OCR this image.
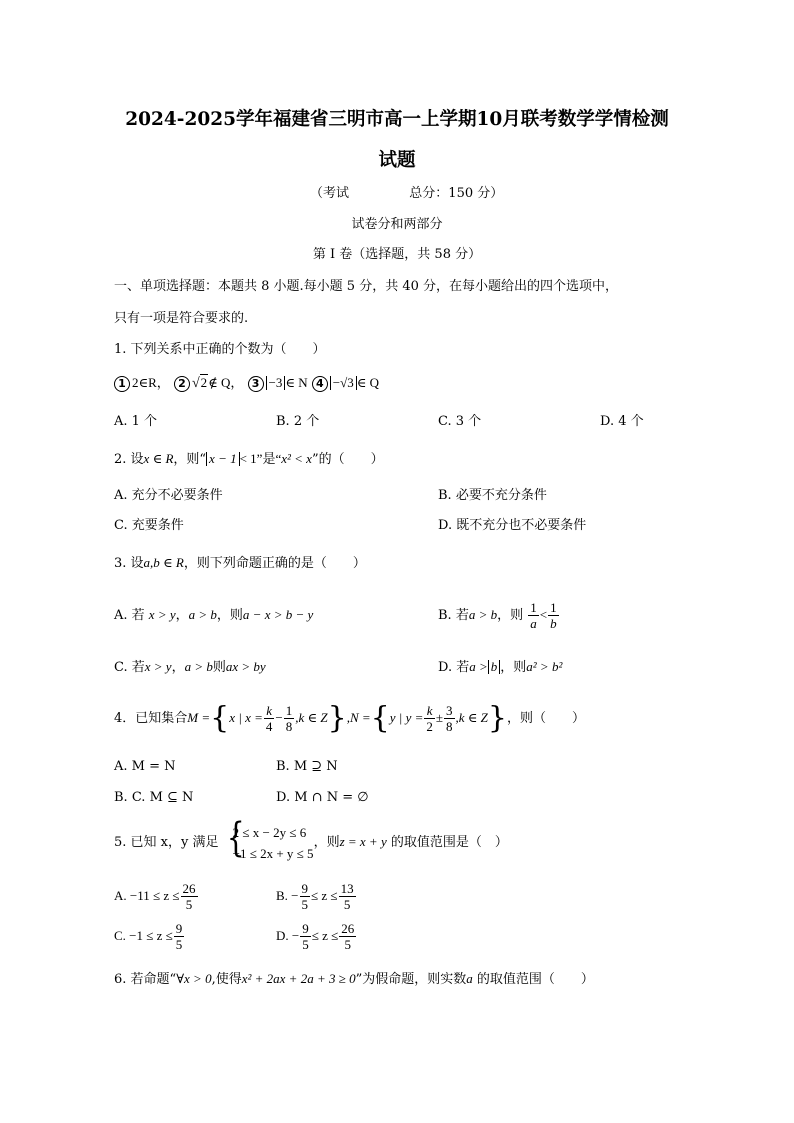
2024-2025学年福建省三明市高一上学期10月联考数学学情检测
试题
（考试	总分：150 分）
试卷分和两部分
第 I 卷（选择题，共 58 分）
一、单项选择题：本题共 8 小题.每小题 5 分，共 40 分，在每小题给出的四个选项中，
只有一项是符合要求的.
1. 下列关系中正确的个数为（　　）
1 2∈R， 2 √2∉ Q， 3 −3 ∈ N 4 −√3 ∈ Q
A. 1 个	B. 2 个	C. 3 个	D. 4 个
2. 设x ∈ R，则“ x − 1 < 1”是“x² < x”的（　　）
A. 充分不必要条件	B. 必要不充分条件
C. 充要条件	D. 既不充分也不必要条件
3. 设a,b ∈ R，则下列命题正确的是（　　）
A. 若 x > y，a > b，则a − x > b − y	B. 若a > b，则 $\frac{1}{a} < \frac{1}{b}$
C. 若x > y，a > b则ax > by	D. 若a > b ，则a² > b²
4．已知集合M ={x | $x = \frac{k}{4} - \frac{1}{8} ,k$ ∈ Z},N ={y | $y = \frac{k}{2} \pm \frac{3}{8} ,k$ ∈ Z}，则（　　）
A. M = N	B. M ⊇ N
B. C. M ⊆ N	D. M ∩ N = ∅
5. 已知 x，y 满足 {
2 ≤ x − 2y ≤ 6
−1 ≤ 2x + y ≤ 5
，则z = x + y 的取值范围是（　）
A. $-11 \le z \le \frac{26}{5}$	B. − $\frac{9}{5} \le z \le \frac{13}{5}$
C. $-1 \le z \le \frac{9}{5}$	D. − $\frac{9}{5} \le z \le \frac{26}{5}$
6. 若命题“∀x > 0,使得x² + 2ax + 2a + 3 ≥ 0”为假命题，则实数a 的取值范围（　　）
